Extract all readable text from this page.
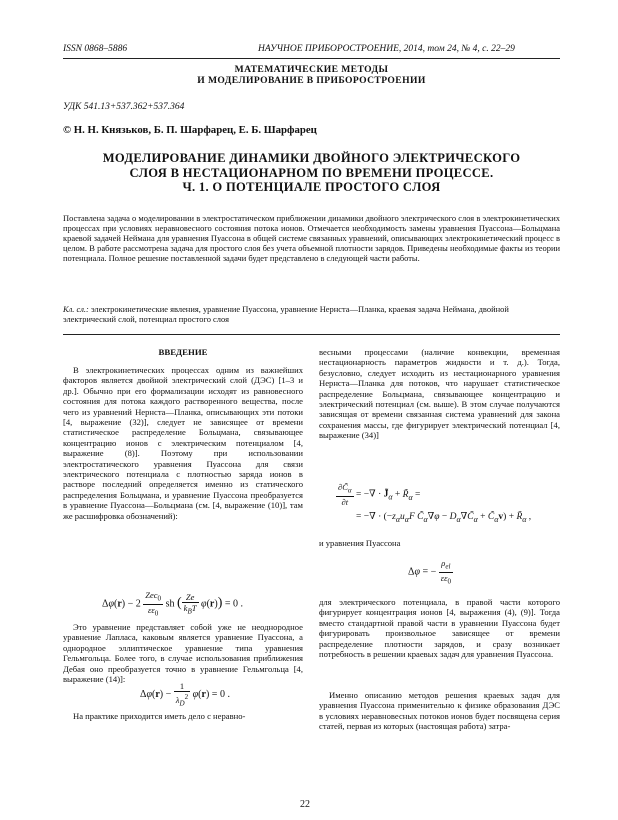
ISSN 0868–5886	НАУЧНОЕ ПРИБОРОСТРОЕНИЕ, 2014, том 24, № 4, с. 22–29
МАТЕМАТИЧЕСКИЕ МЕТОДЫ
И МОДЕЛИРОВАНИЕ В ПРИБОРОСТРОЕНИИ
УДК 541.13+537.362+537.364
© Н. Н. Князьков, Б. П. Шарфарец, Е. Б. Шарфарец
МОДЕЛИРОВАНИЕ ДИНАМИКИ ДВОЙНОГО ЭЛЕКТРИЧЕСКОГО
СЛОЯ В НЕСТАЦИОНАРНОМ ПО ВРЕМЕНИ ПРОЦЕССЕ.
Ч. 1. О ПОТЕНЦИАЛЕ ПРОСТОГО СЛОЯ
Поставлена задача о моделировании в электростатическом приближении динамики двойного электрического слоя в электрокинетических процессах при условиях неравновесного состояния потока ионов. Отмечается необходимость замены уравнения Пуассона—Больцмана краевой задачей Неймана для уравнения Пуассона в общей системе связанных уравнений, описывающих электрокинетический процесс в целом. В работе рассмотрена задача для простого слоя без учета объемной плотности зарядов. Приведены необходимые факты из теории потенциала. Полное решение поставленной задачи будет представлено в следующей части работы.
Кл. сл.: электрокинетические явления, уравнение Пуассона, уравнение Нернста—Планка, краевая задача Неймана, двойной электрический слой, потенциал простого слоя
ВВЕДЕНИЕ

В электрокинетических процессах одним из важнейших факторов является двойной электрический слой (ДЭС) [1–3 и др.]. Обычно при его формализации исходят из равновесного состояния для потока каждого растворенного вещества, после чего из уравнений Нернста—Планка, описывающих эти потоки [4, выражение (32)], следует не зависящее от времени статистическое распределение Больцмана, связывающее концентрацию ионов с электрическим потенциалом [4, выражение (8)]. Поэтому при использовании электростатического уравнения Пуассона для связи электрического потенциала с плотностью заряда ионов в растворе последний определяется именно из статического распределения Больцмана, и уравнение Пуассона преобразуется в уравнение Пуассона—Больцмана (см. [4, выражение (10)], там же расшифровка обозначений):

$\Delta\varphi(r) - 2 \frac{Zec_0}{\varepsilon\varepsilon_0}$ sh ( $\frac{Ze}{k_BT} \varphi(r)) = 0$ .

Это уравнение представляет собой уже не неоднородное уравнение Лапласа, каковым является уравнение Пуассона, а однородное эллиптическое уравнение типа уравнения Гельмгольца. Более того, в случае использования приближения Дебая оно преобразуется точно в уравнение Гельмгольца [4, выражение (14)]:

$\Delta\varphi(r) - \frac{1}{\lambda_D^2} \varphi(r) = 0$ .

На практике приходится иметь дело с неравно-

весными процессами (наличие конвекции, временная нестационарность параметров жидкости и т. д.). Тогда, безусловно, следует исходить из нестационарного уравнения Нернста—Планка для потоков, что нарушает статистическое распределение Больцмана, связывающее концентрацию и электрический потенциал (см. выше). В этом случае получаются зависящая от времени связанная система уравнений для закона сохранения массы, где фигурирует электрический потенциал [4, выражение (34)]

$\frac{\partial C̃_\alpha}{\partial t}$ = −∇ · $J̃_\alpha$ + $R̃_\alpha$ =
= −∇ · ($-z_\alpha u_\alpha F$ $C̃_\alpha\nabla\varphi$ − $D_\alpha\nabla C̃_\alpha$ + $C̃_\alpha v$) + $R̃_\alpha$ ,

и уравнения Пуассона

Δφ = − $\frac{\rho_{el}}{\varepsilon\varepsilon_0}$

для электрического потенциала, в правой части которого фигурирует концентрация ионов [4, выражения (4), (9)]. Тогда вместо стандартной правой части в уравнении Пуассона будет фигурировать произвольное зависящее от времени распределение плотности зарядов, и сразу возникает потребность в решении краевых задач для уравнения Пуассона.

Именно описанию методов решения краевых задач для уравнения Пуассона применительно к физике образования ДЭС в условиях неравновесных потоков ионов будет посвящена серия статей, первая из которых (настоящая работа) затра-

22
